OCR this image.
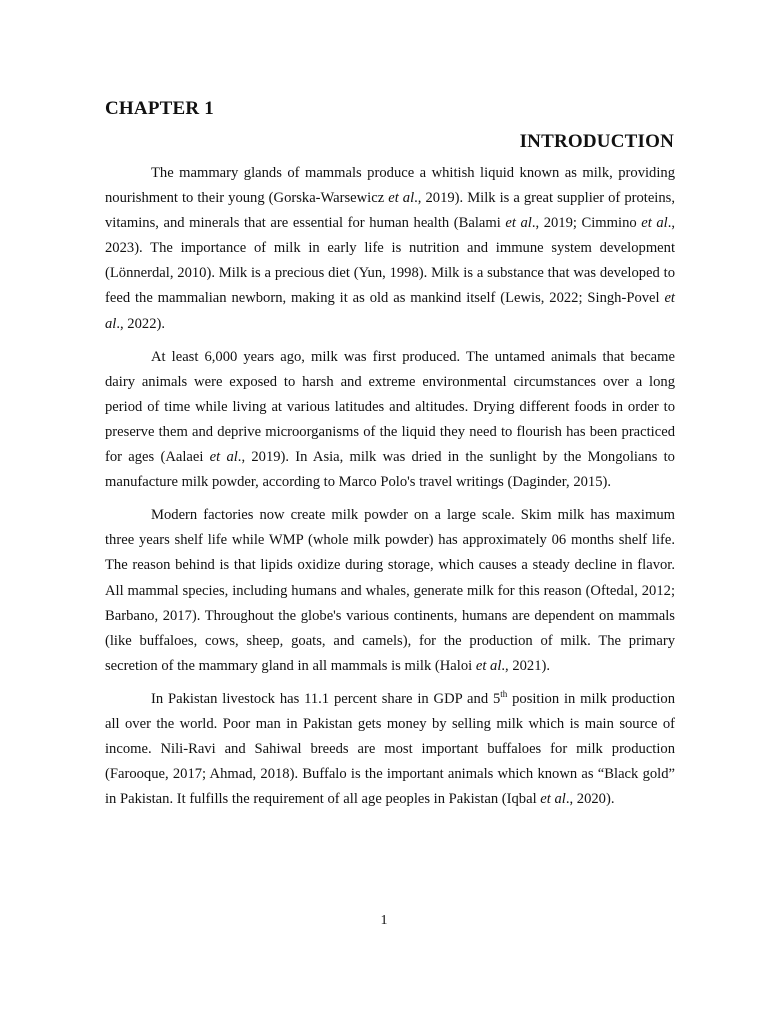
CHAPTER 1
INTRODUCTION

The mammary glands of mammals produce a whitish liquid known as milk, providing nourishment to their young (Gorska-Warsewicz et al., 2019). Milk is a great supplier of proteins, vitamins, and minerals that are essential for human health (Balami et al., 2019; Cimmino et al., 2023). The importance of milk in early life is nutrition and immune system development (Lönnerdal, 2010). Milk is a precious diet (Yun, 1998). Milk is a substance that was developed to feed the mammalian newborn, making it as old as mankind itself (Lewis, 2022; Singh-Povel et al., 2022).

At least 6,000 years ago, milk was first produced. The untamed animals that became dairy animals were exposed to harsh and extreme environmental circumstances over a long period of time while living at various latitudes and altitudes. Drying different foods in order to preserve them and deprive microorganisms of the liquid they need to flourish has been practiced for ages (Aalaei et al., 2019). In Asia, milk was dried in the sunlight by the Mongolians to manufacture milk powder, according to Marco Polo's travel writings (Daginder, 2015).

Modern factories now create milk powder on a large scale. Skim milk has maximum three years shelf life while WMP (whole milk powder) has approximately 06 months shelf life. The reason behind is that lipids oxidize during storage, which causes a steady decline in flavor. All mammal species, including humans and whales, generate milk for this reason (Oftedal, 2012; Barbano, 2017). Throughout the globe's various continents, humans are dependent on mammals (like buffaloes, cows, sheep, goats, and camels), for the production of milk. The primary secretion of the mammary gland in all mammals is milk (Haloi et al., 2021).

In Pakistan livestock has 11.1 percent share in GDP and 5th position in milk production all over the world. Poor man in Pakistan gets money by selling milk which is main source of income. Nili-Ravi and Sahiwal breeds are most important buffaloes for milk production (Farooque, 2017; Ahmad, 2018). Buffalo is the important animals which known as “Black gold” in Pakistan. It fulfills the requirement of all age peoples in Pakistan (Iqbal et al., 2020).

1
